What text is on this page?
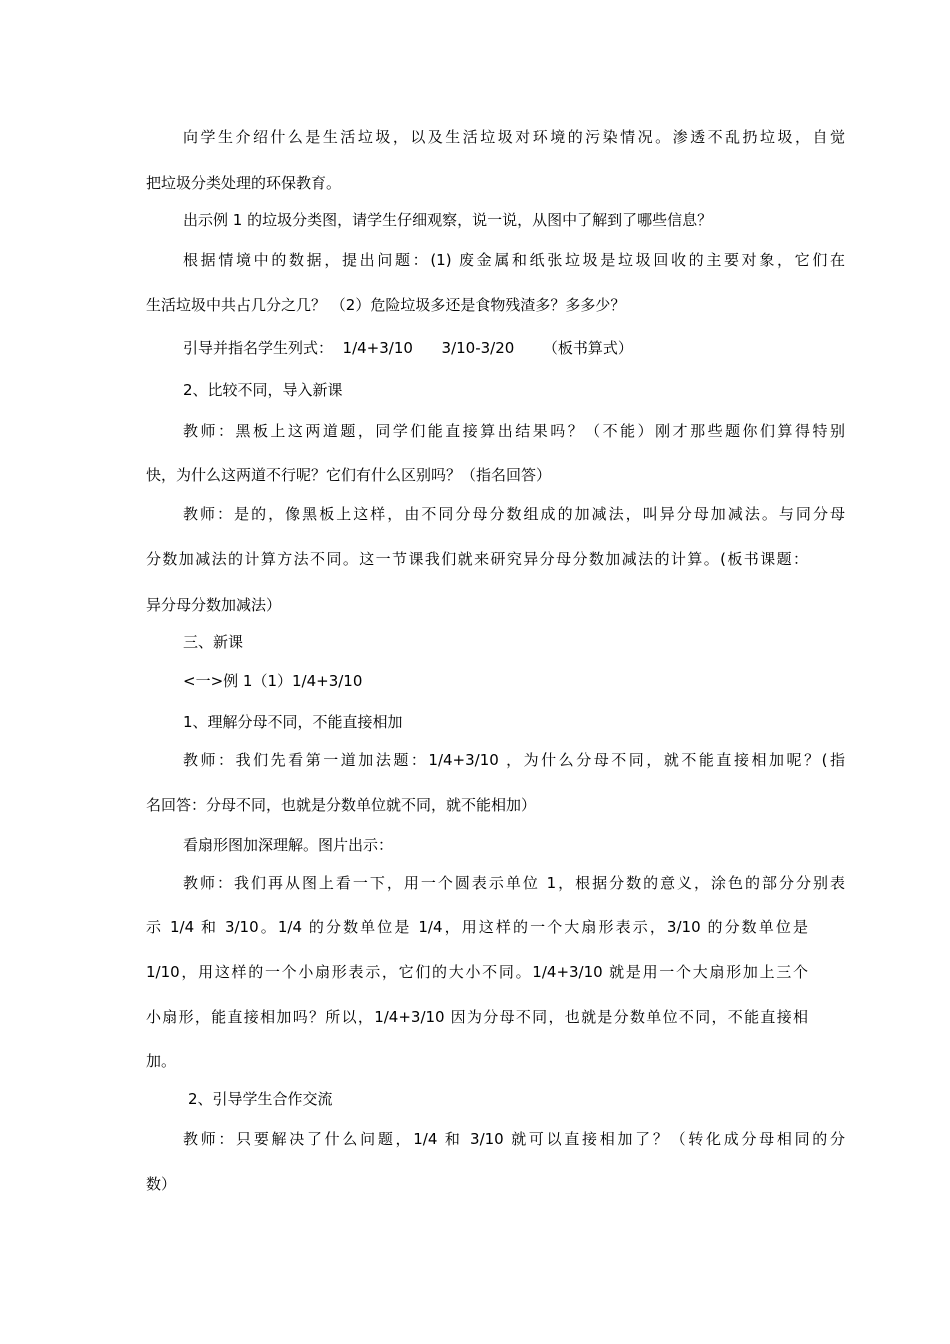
向学生介绍什么是生活垃圾，以及生活垃圾对环境的污染情况。渗透不乱扔垃圾，自觉
把垃圾分类处理的环保教育。
出示例 1 的垃圾分类图，请学生仔细观察，说一说，从图中了解到了哪些信息？
根据情境中的数据，提出问题：(1) 废金属和纸张垃圾是垃圾回收的主要对象，它们在
生活垃圾中共占几分之几？ （2）危险垃圾多还是食物残渣多？多多少？
引导并指名学生列式：  1/4+3/10      3/10-3/20      （板书算式）
2、比较不同，导入新课
教师：黑板上这两道题，同学们能直接算出结果吗？（不能）刚才那些题你们算得特别
快，为什么这两道不行呢？它们有什么区别吗？（指名回答）
教师：是的，像黑板上这样，由不同分母分数组成的加减法，叫异分母加减法。与同分母
分数加减法的计算方法不同。这一节课我们就来研究异分母分数加减法的计算。(板书课题：
异分母分数加减法）
三、新课
<一>例 1（1）1/4+3/10
1、理解分母不同，不能直接相加
教师：我们先看第一道加法题：1/4+3/10 ，为什么分母不同，就不能直接相加呢？(指
名回答：分母不同，也就是分数单位就不同，就不能相加）
看扇形图加深理解。图片出示：
教师：我们再从图上看一下，用一个圆表示单位 1，根据分数的意义，涂色的部分分别表
示 1/4 和 3/10。1/4 的分数单位是 1/4，用这样的一个大扇形表示，3/10 的分数单位是
1/10，用这样的一个小扇形表示，它们的大小不同。1/4+3/10 就是用一个大扇形加上三个
小扇形，能直接相加吗？所以，1/4+3/10 因为分母不同，也就是分数单位不同，不能直接相
加。
2、引导学生合作交流
教师：只要解决了什么问题，1/4 和 3/10 就可以直接相加了？（转化成分母相同的分
数）
